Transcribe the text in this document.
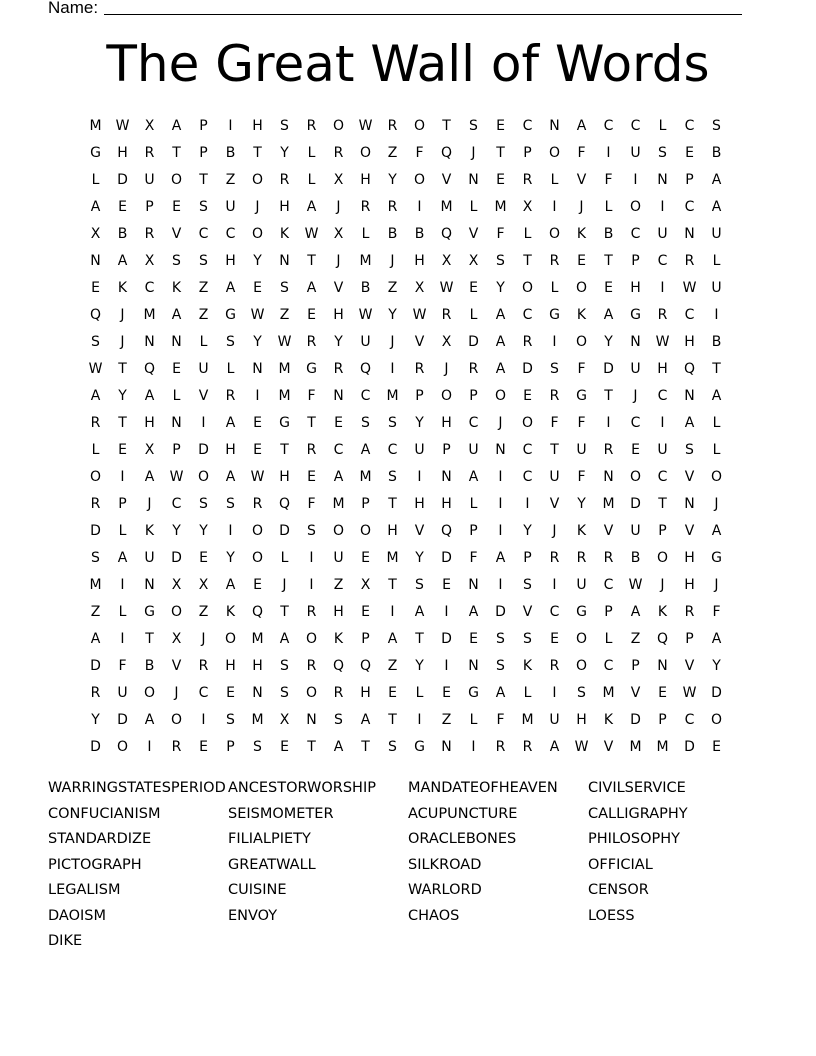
Name:
The Great Wall of Words
M	W	X	A	P	I	H	S	R	O	W	R	O	T	S	E	C	N	A	C	C	L	C	S
G	H	R	T	P	B	T	Y	L	R	O	Z	F	Q	J	T	P	O	F	I	U	S	E	B
L	D	U	O	T	Z	O	R	L	X	H	Y	O	V	N	E	R	L	V	F	I	N	P	A
A	E	P	E	S	U	J	H	A	J	R	R	I	M	L	M	X	I	J	L	O	I	C	A
X	B	R	V	C	C	O	K	W	X	L	B	B	Q	V	F	L	O	K	B	C	U	N	U
N	A	X	S	S	H	Y	N	T	J	M	J	H	X	X	S	T	R	E	T	P	C	R	L
E	K	C	K	Z	A	E	S	A	V	B	Z	X	W	E	Y	O	L	O	E	H	I	W	U
Q	J	M	A	Z	G	W	Z	E	H	W	Y	W	R	L	A	C	G	K	A	G	R	C	I
S	J	N	N	L	S	Y	W	R	Y	U	J	V	X	D	A	R	I	O	Y	N	W	H	B
W	T	Q	E	U	L	N	M	G	R	Q	I	R	J	R	A	D	S	F	D	U	H	Q	T
A	Y	A	L	V	R	I	M	F	N	C	M	P	O	P	O	E	R	G	T	J	C	N	A
R	T	H	N	I	A	E	G	T	E	S	S	Y	H	C	J	O	F	F	I	C	I	A	L
L	E	X	P	D	H	E	T	R	C	A	C	U	P	U	N	C	T	U	R	E	U	S	L
O	I	A	W	O	A	W	H	E	A	M	S	I	N	A	I	C	U	F	N	O	C	V	O
R	P	J	C	S	S	R	Q	F	M	P	T	H	H	L	I	I	V	Y	M	D	T	N	J
D	L	K	Y	Y	I	O	D	S	O	O	H	V	Q	P	I	Y	J	K	V	U	P	V	A
S	A	U	D	E	Y	O	L	I	U	E	M	Y	D	F	A	P	R	R	R	B	O	H	G
M	I	N	X	X	A	E	J	I	Z	X	T	S	E	N	I	S	I	U	C	W	J	H	J
Z	L	G	O	Z	K	Q	T	R	H	E	I	A	I	A	D	V	C	G	P	A	K	R	F
A	I	T	X	J	O	M	A	O	K	P	A	T	D	E	S	S	E	O	L	Z	Q	P	A
D	F	B	V	R	H	H	S	R	Q	Q	Z	Y	I	N	S	K	R	O	C	P	N	V	Y
R	U	O	J	C	E	N	S	O	R	H	E	L	E	G	A	L	I	S	M	V	E	W	D
Y	D	A	O	I	S	M	X	N	S	A	T	I	Z	L	F	M	U	H	K	D	P	C	O
D	O	I	R	E	P	S	E	T	A	T	S	G	N	I	R	R	A	W	V	M	M	D	E
WARRINGSTATESPERIOD ANCESTORWORSHIP	MANDATEOFHEAVEN	CIVILSERVICE
CONFUCIANISM	SEISMOMETER	ACUPUNCTURE	CALLIGRAPHY
STANDARDIZE	FILIALPIETY	ORACLEBONES	PHILOSOPHY
PICTOGRAPH	GREATWALL	SILKROAD	OFFICIAL
LEGALISM	CUISINE	WARLORD	CENSOR
DAOISM	ENVOY	CHAOS	LOESS
DIKE
